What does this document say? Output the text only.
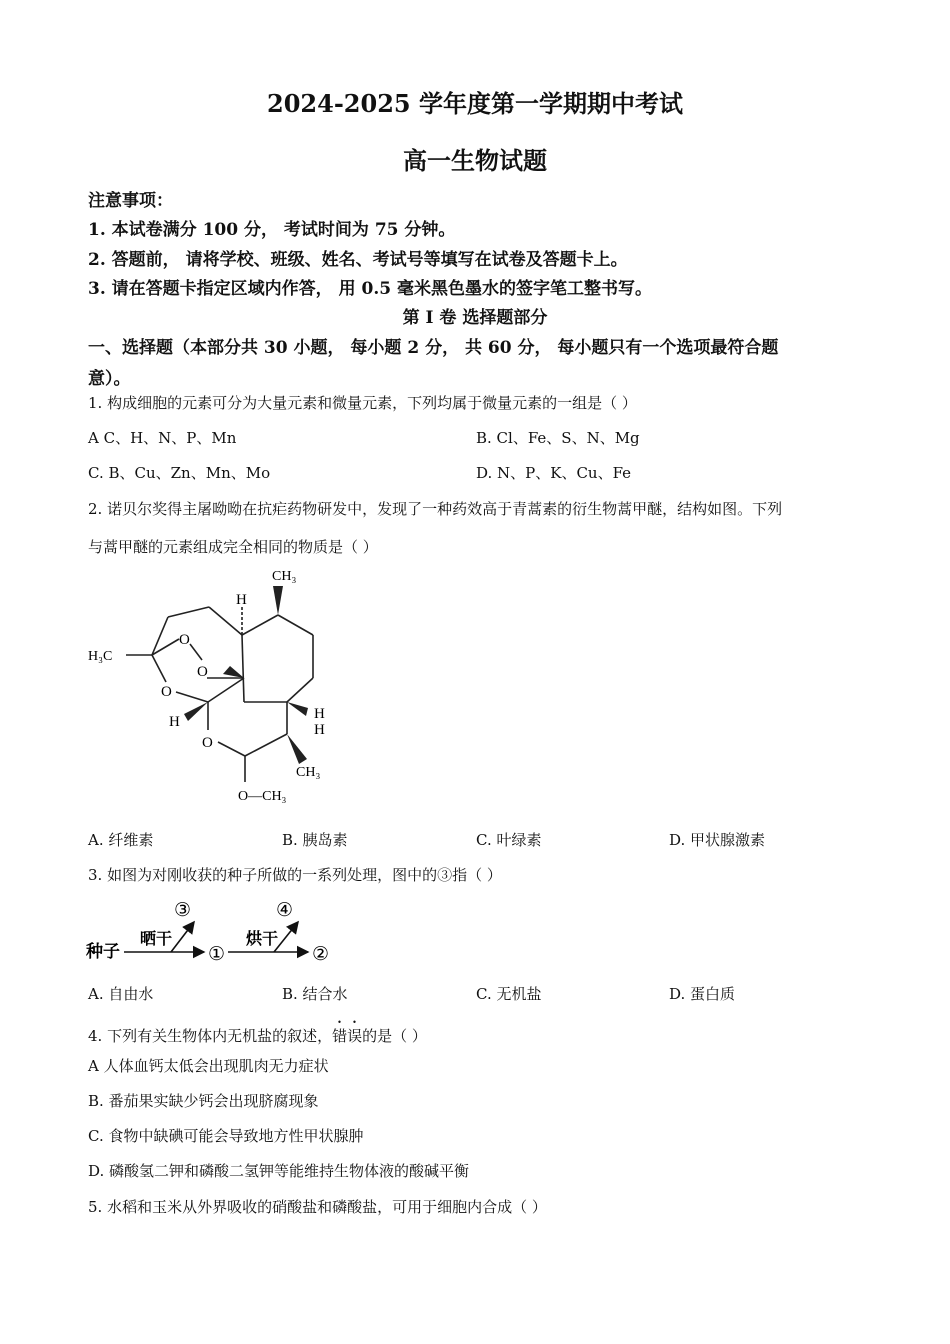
2024-2025 学年度第一学期期中考试
高一生物试题
注意事项：
1. 本试卷满分 100 分， 考试时间为 75 分钟。
2. 答题前， 请将学校、班级、姓名、考试号等填写在试卷及答题卡上。
3. 请在答题卡指定区域内作答， 用 0.5 毫米黑色墨水的签字笔工整书写。
第 Ⅰ 卷 选择题部分
一、选择题（本部分共 30 小题， 每小题 2 分， 共 60 分， 每小题只有一个选项最符合题
意）。
1. 构成细胞的元素可分为大量元素和微量元素，下列均属于微量元素的一组是（ ）
A C、H、N、P、Mn	B. Cl、Fe、S、N、Mg
C. B、Cu、Zn、Mn、Mo	D. N、P、K、Cu、Fe
2. 诺贝尔奖得主屠呦呦在抗疟药物研发中，发现了一种药效高于青蒿素的衍生物蒿甲醚，结构如图。下列
与蒿甲醚的元素组成完全相同的物质是（ ）
CH₃
H
H₃C
O
O
O
H
O
H
H
CH₃
O—CH₃
A. 纤维素	B. 胰岛素	C. 叶绿素	D. 甲状腺激素
3. 如图为对刚收获的种子所做的一系列处理，图中的③指（ ）
种子
晒干	烘干
①	②
③	④
A. 自由水	B. 结合水	C. 无机盐	D. 蛋白质
4. 下列有关生物体内无机盐的叙述，错误的是（ ）
A 人体血钙太低会出现肌肉无力症状
B. 番茄果实缺少钙会出现脐腐现象
C. 食物中缺碘可能会导致地方性甲状腺肿
D. 磷酸氢二钾和磷酸二氢钾等能维持生物体液的酸碱平衡
5. 水稻和玉米从外界吸收的硝酸盐和磷酸盐，可用于细胞内合成（ ）
